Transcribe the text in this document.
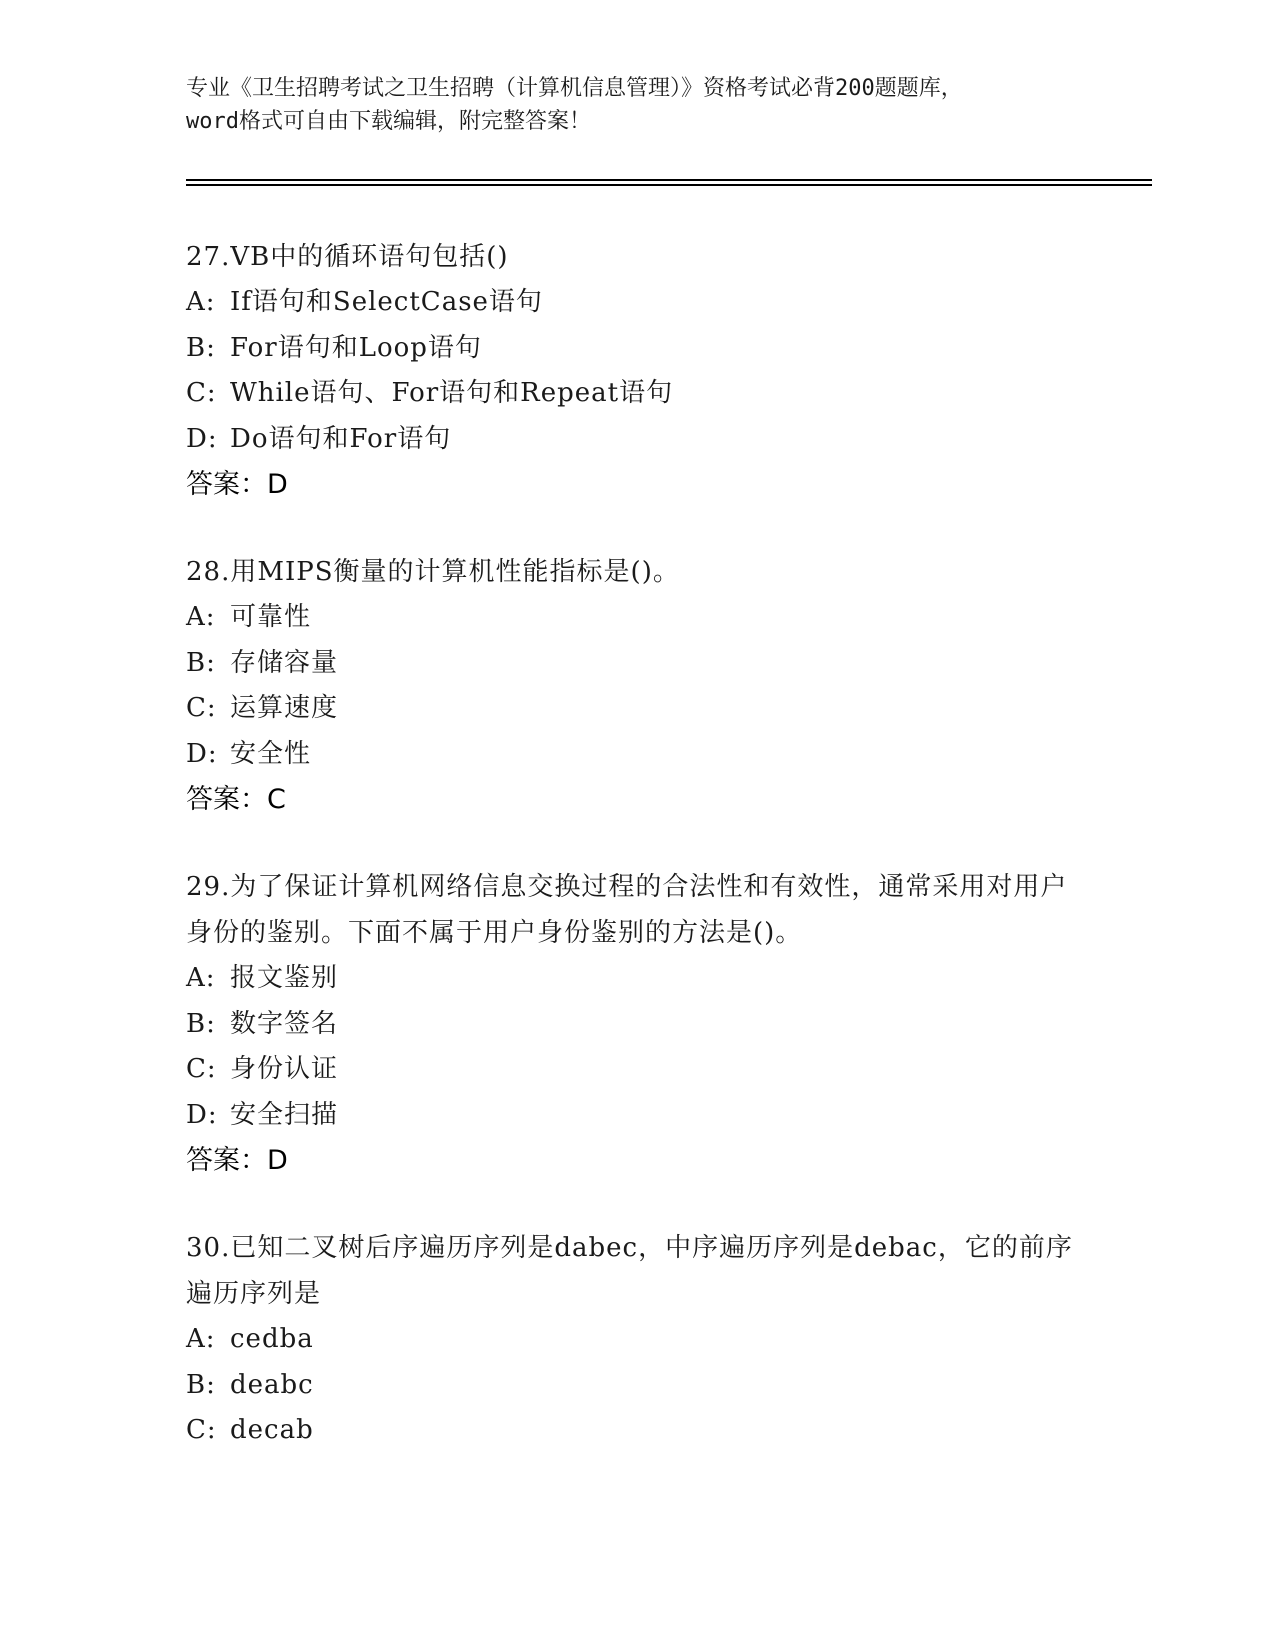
专业《卫生招聘考试之卫生招聘（计算机信息管理）》资格考试必背200题题库，
word格式可自由下载编辑，附完整答案！
27.VB中的循环语句包括()
A: If语句和SelectCase语句
B: For语句和Loop语句
C: While语句、For语句和Repeat语句
D: Do语句和For语句
答案：D
28.用MIPS衡量的计算机性能指标是()。
A: 可靠性
B: 存储容量
C: 运算速度
D: 安全性
答案：C
29.为了保证计算机网络信息交换过程的合法性和有效性，通常采用对用户身份的鉴别。下面不属于用户身份鉴别的方法是()。
A: 报文鉴别
B: 数字签名
C: 身份认证
D: 安全扫描
答案：D
30.已知二叉树后序遍历序列是dabec，中序遍历序列是debac，它的前序遍历序列是
A: cedba
B: deabc
C: decab
